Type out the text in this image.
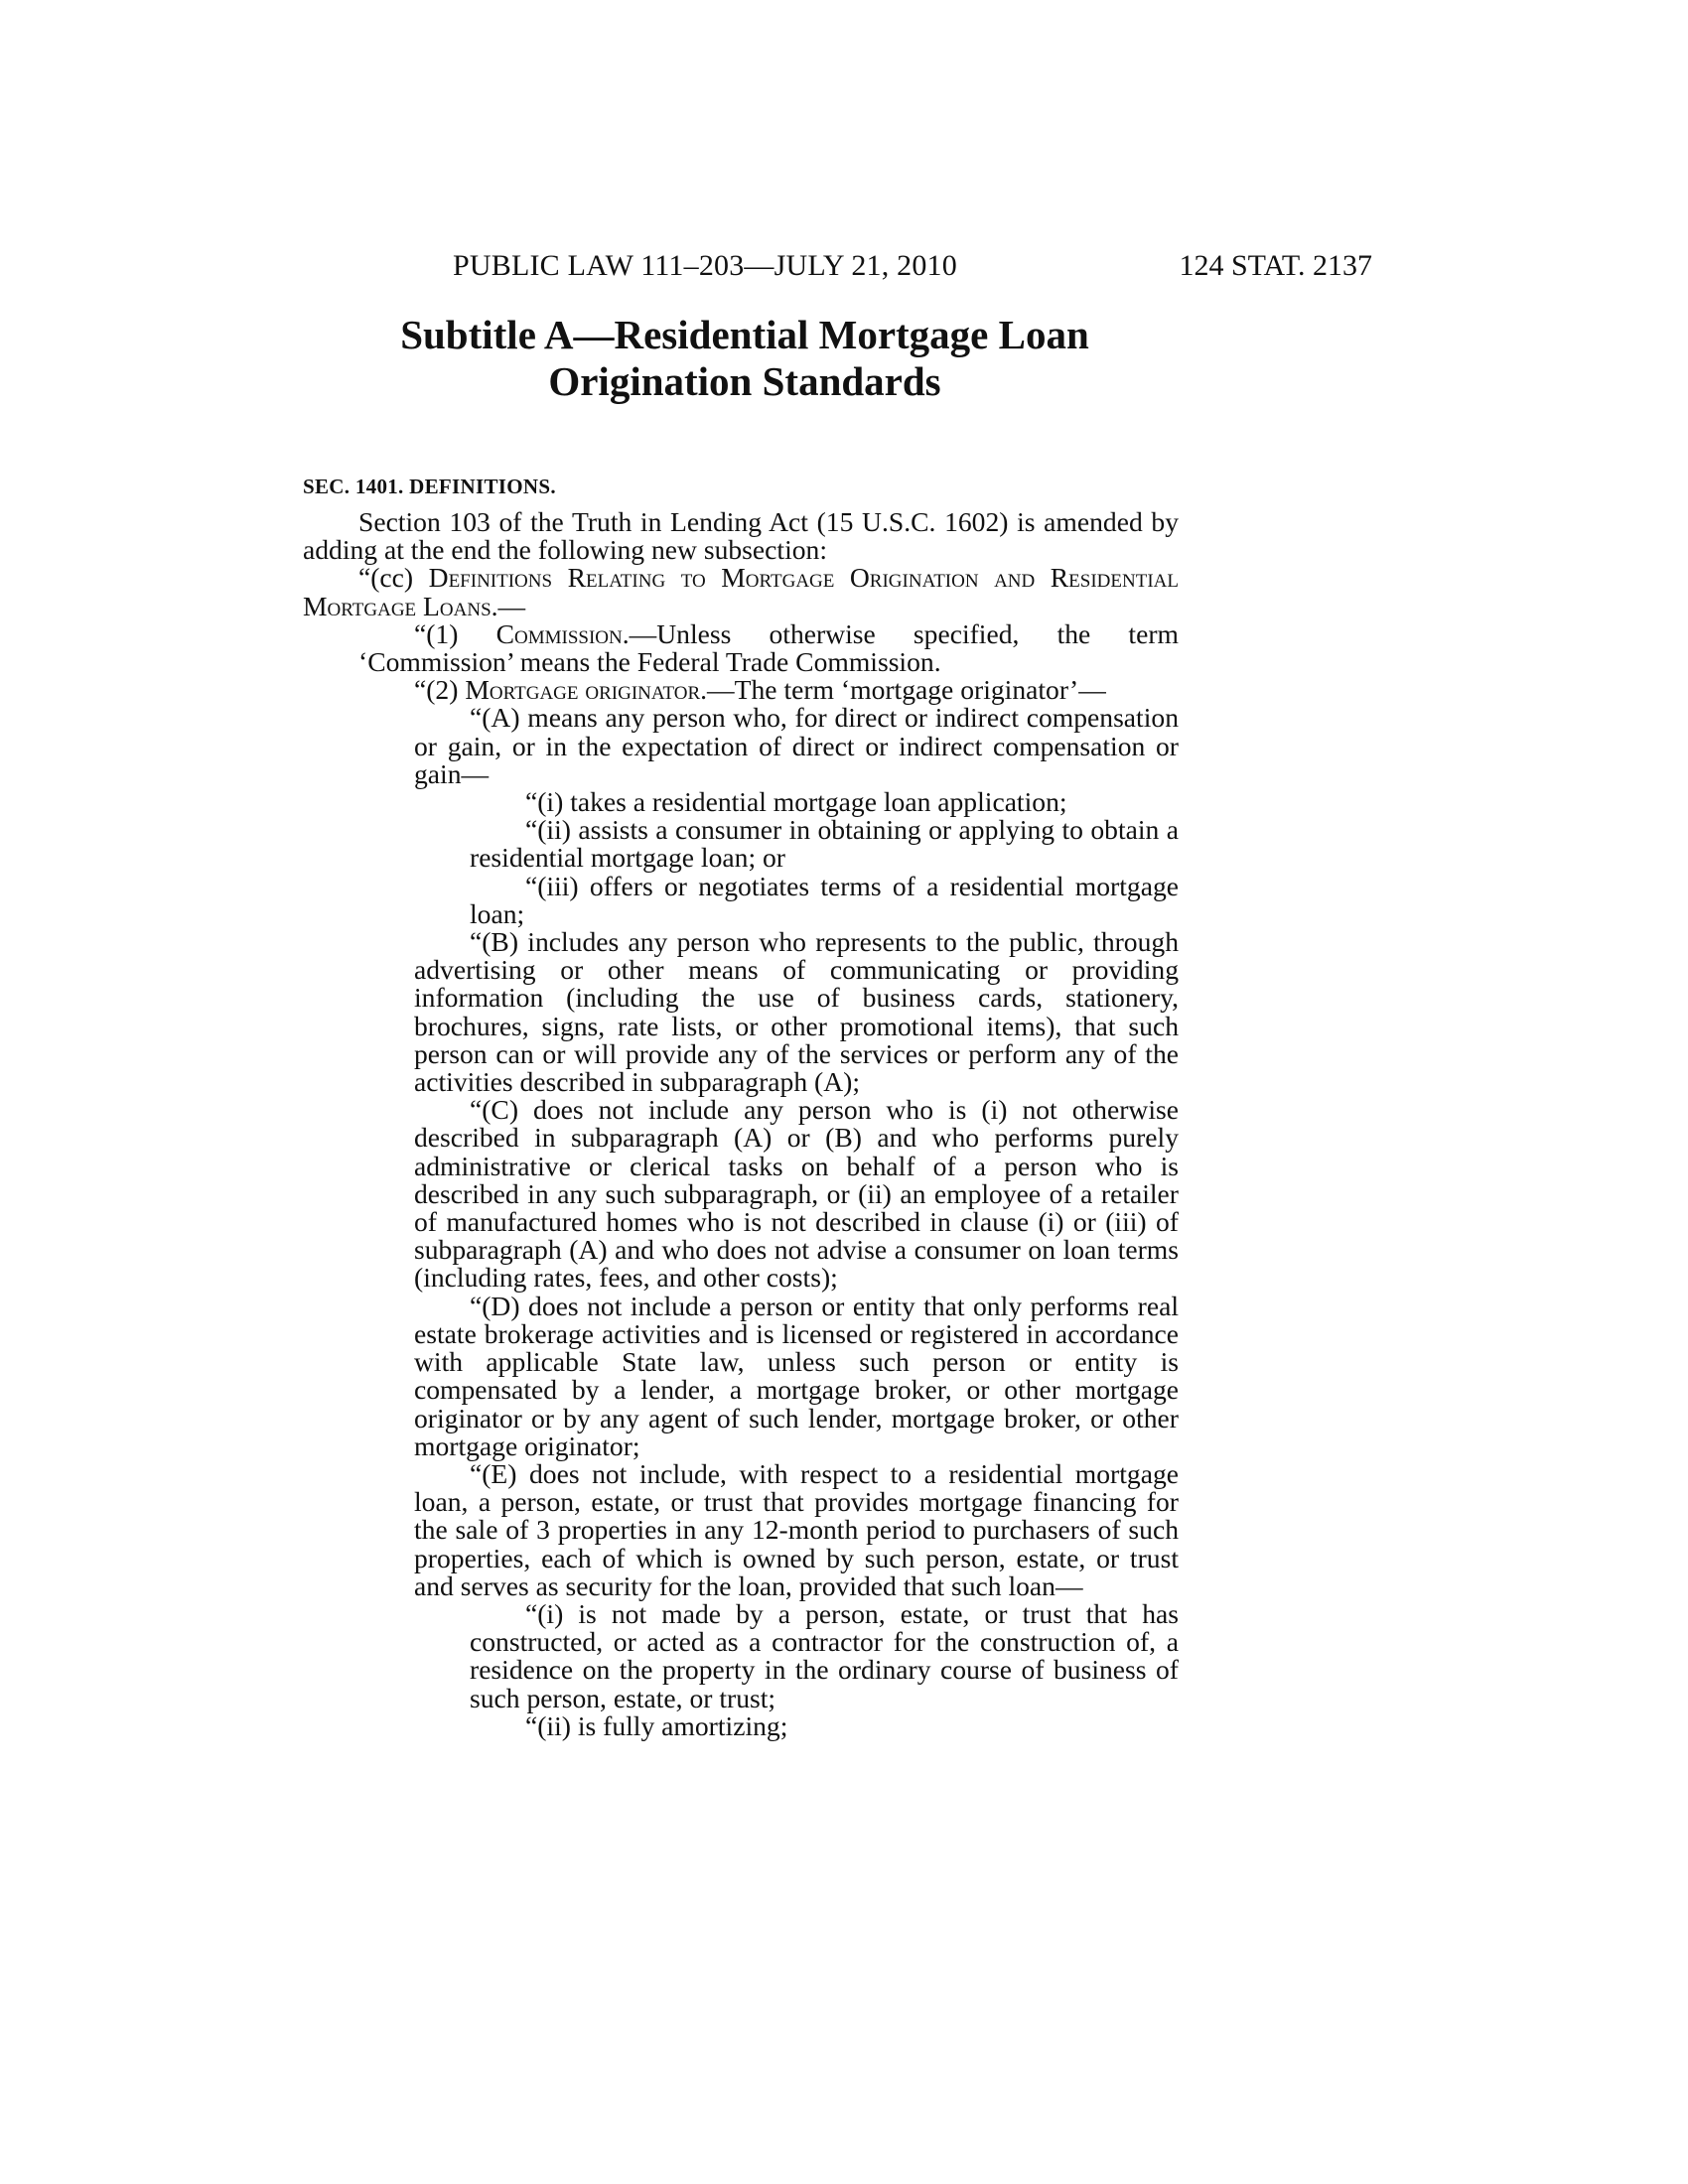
PUBLIC LAW 111–203—JULY 21, 2010	124 STAT. 2137
Subtitle A—Residential Mortgage Loan
Origination Standards
SEC. 1401. DEFINITIONS.

Section 103 of the Truth in Lending Act (15 U.S.C. 1602) is amended by adding at the end the following new subsection:

“(cc) Definitions Relating to Mortgage Origination and Residential Mortgage Loans.—

“(1) Commission.—Unless otherwise specified, the term ‘Commission’ means the Federal Trade Commission.

“(2) Mortgage originator.—The term ‘mortgage originator’—

“(A) means any person who, for direct or indirect compensation or gain, or in the expectation of direct or indirect compensation or gain—

“(i) takes a residential mortgage loan application;

“(ii) assists a consumer in obtaining or applying to obtain a residential mortgage loan; or

“(iii) offers or negotiates terms of a residential mortgage loan;

“(B) includes any person who represents to the public, through advertising or other means of communicating or providing information (including the use of business cards, stationery, brochures, signs, rate lists, or other promotional items), that such person can or will provide any of the services or perform any of the activities described in subparagraph (A);

“(C) does not include any person who is (i) not otherwise described in subparagraph (A) or (B) and who performs purely administrative or clerical tasks on behalf of a person who is described in any such subparagraph, or (ii) an employee of a retailer of manufactured homes who is not described in clause (i) or (iii) of subparagraph (A) and who does not advise a consumer on loan terms (including rates, fees, and other costs);

“(D) does not include a person or entity that only performs real estate brokerage activities and is licensed or registered in accordance with applicable State law, unless such person or entity is compensated by a lender, a mortgage broker, or other mortgage originator or by any agent of such lender, mortgage broker, or other mortgage originator;

“(E) does not include, with respect to a residential mortgage loan, a person, estate, or trust that provides mortgage financing for the sale of 3 properties in any 12-month period to purchasers of such properties, each of which is owned by such person, estate, or trust and serves as security for the loan, provided that such loan—

“(i) is not made by a person, estate, or trust that has constructed, or acted as a contractor for the construction of, a residence on the property in the ordinary course of business of such person, estate, or trust;

“(ii) is fully amortizing;
